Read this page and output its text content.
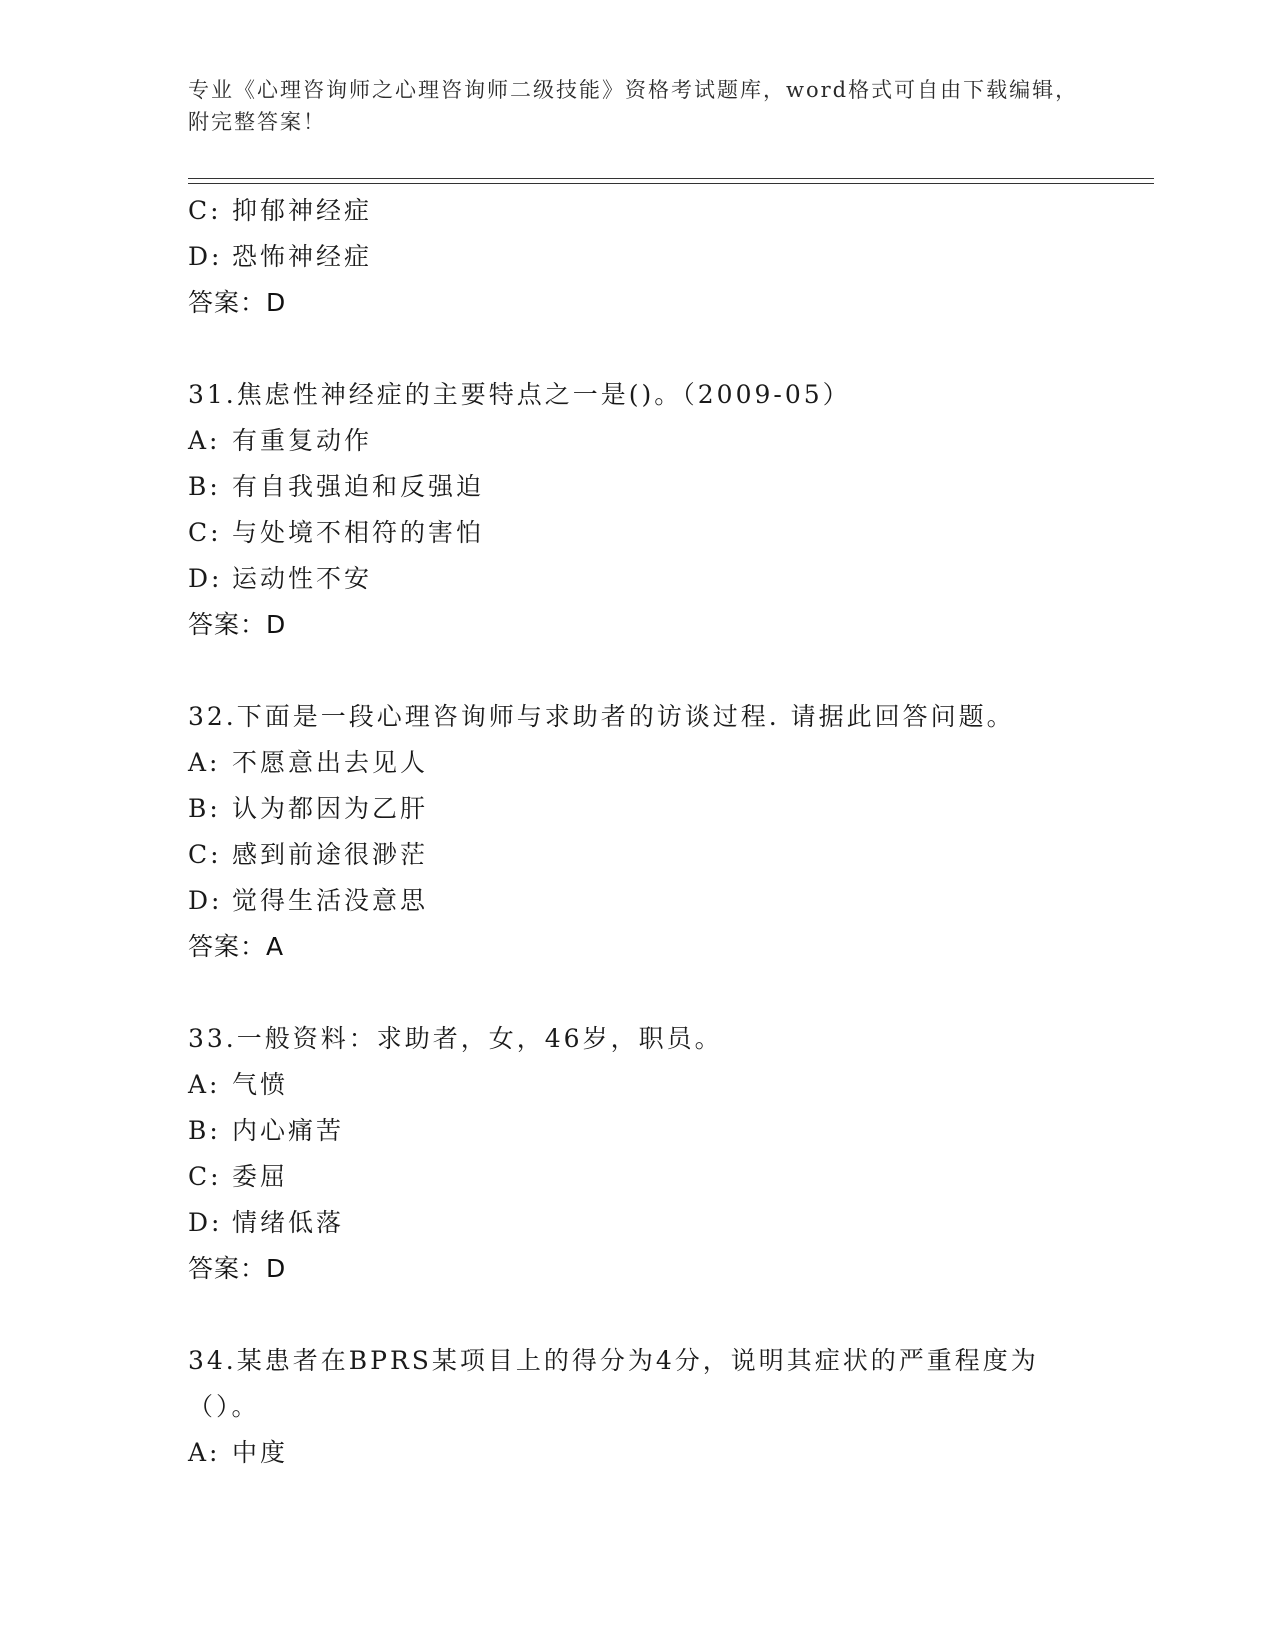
专业《心理咨询师之心理咨询师二级技能》资格考试题库，word格式可自由下载编辑，附完整答案！
C: 抑郁神经症
D: 恐怖神经症
答案：D
31.焦虑性神经症的主要特点之一是()。（2009-05）
A: 有重复动作
B: 有自我强迫和反强迫
C: 与处境不相符的害怕
D: 运动性不安
答案：D
32.下面是一段心理咨询师与求助者的访谈过程. 请据此回答问题。
A: 不愿意出去见人
B: 认为都因为乙肝
C: 感到前途很渺茫
D: 觉得生活没意思
答案：A
33.一般资料：求助者，女，46岁，职员。
A: 气愤
B: 内心痛苦
C: 委屈
D: 情绪低落
答案：D
34.某患者在BPRS某项目上的得分为4分，说明其症状的严重程度为（）。
A: 中度
